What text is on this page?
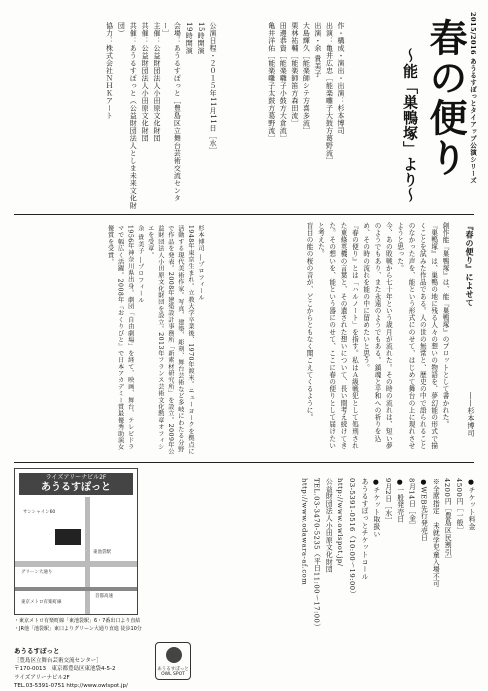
2015/2016 あうるすぽっとタイアップ公演シリーズ
春の便り
～能「巣鴨塚」より～

作・構成・演出・出演：杉本博司

出演：亀井広忠［能楽囃子大鼓方葛野流］

出演・余 貴美子

大島輝久［能楽師シテ方喜多流］

栗林祐輔［能楽師笛方森田流］

田邊恭資［能楽囃子小鼓方大倉流］

亀井洋佑［能楽囃子太鼓方葛野流］

公演日程・２０１５年11月11日［水］

15時開演

19時開演

会場：あうるすぽっと［豊島区立舞台芸術交流センター］

主催：公益財団法人小田原文化財団

共催：公益財団法人小田原文化財団

共催：あうるすぽっと（公益財団法人としま未来文化財団）

協力：株式会社ＮＨＫアート

『春の便り』によせて
――杉本博司

創作能『巣鴨塚』は、能『巣鴨塚』のプロットとして書かれた。

『巣鴨塚』は、巣鴨の地に残る人々の想いの物語を、夢幻能の形式で描くことを試みた作品である。人の世の無常と、歴史の中で語られることのなかった声を、能という形式にのせて、はじめて舞台の上に現れさせようと思った。

今、あの敗戦から七十年という歳月が流れた。その時の流れは、短い夢のようでもあり、また永遠のようでもある。鎮魂と平和への祈りを込め、その時の流れを能の中に留めたいと思う。

『春の便り』とは「ハルノート」を指す。私はＡ級戦犯として処刑された東條英機の言葉と、その遺された想いについて、長い間考え続けてきた。その想いを、能という器にのせて、ここに春の便りとして届けたいと考えた。

盲目の能の桜の音が、どこからともなく聞こえてくるように。

杉本博司 ―プロフィール

1948年東京生まれ。立教大学卒業後、1970年渡米。ニューヨークを拠点に活動する現代美術作家。写真、建築、彫刻、舞台芸術など多岐にわたる分野で作品を発表。2008年建築設計事務所「新素材研究所」を設立。2009年公益財団法人小田原文化財団を設立。2013年フランス芸術文化勲章オフィシエを受章。

余 貴美子 ―プロフィール

1956年神奈川県出身。劇団「自由劇場」を経て、映画、舞台、テレビドラマで幅広く活躍。2008年『おくりびと』で日本アカデミー賞最優秀助演女優賞を受賞。

●チケット料金

4500円［一般］

4200円［豊島区民割引］

※全席指定　未就学児童入場不可

●WEB先行発売日

8月14日［金］

●一般発売日

9月2日［水］

●チケット取扱い

あうるすぽっとチケットコール

03-5391-0516（10:00〜19:00）

http://www.owlspot.jp/

公益財団法人小田原文化財団

TEL.03-3470-5235（平日11:00〜17:00）

http://www.odawara-af.com

ライズアリーナビル2F
あうるすぽっと
東池袋駅
サンシャイン60
グリーン大通り
首都高速
東京メトロ有楽町線
・東京メトロ有楽町線「東池袋駅」6・7番出口より直結
・JR他「池袋駅」東口よりグリーン大通り直進 徒歩10分
あうるすぽっと ［豊島区立舞台芸術交流センター］
〒170-0013　東京都豊島区東池袋4-5-2
ライズアリーナビル2F
TEL.03-5391-0751 http://www.owlspot.jp/
あうるすぽっと
OWL SPOT
